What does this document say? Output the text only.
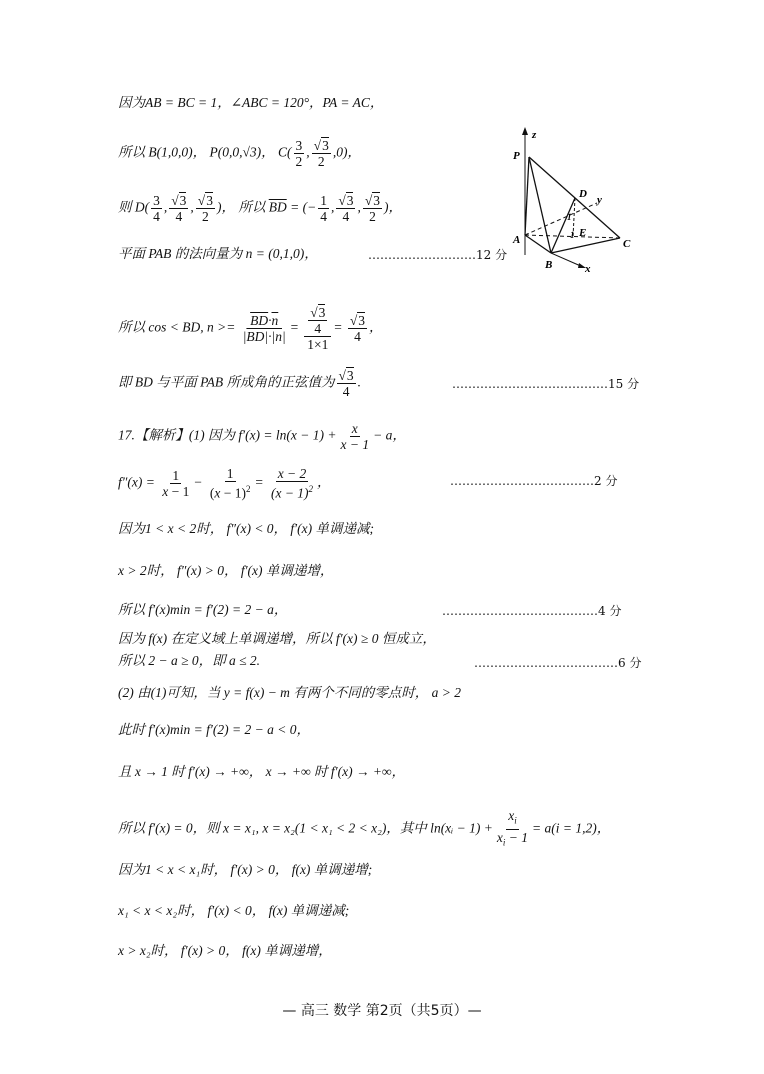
因为AB = BC = 1，∠ABC = 120°，PA = AC，
所以 B(1,0,0)， P(0,0,√3)， $C( \frac{3}{2}$ , $\frac{√3}{2} ,0$)，
则 $D( \frac{3}{4}$ , $\frac{√3}{4}$ , $\frac{√3}{2}$ )， 所以 $\overline{BD}$ = (− $\frac{1}{4}$ , $\frac{√3}{4}$ , $\frac{√3}{2}$ )，
平面 PAB 的法向量为 n = (0,1,0)，	………………………12 分
所以 cos < BD, $n >= \frac{\overline{BD}\cdot\overline{n}}{|\overline{BD}|\cdot|\overline{n}|} = \frac{\frac{√3}{4}}{1\times 1} = \frac{√3}{4}$ ，
即 BD 与平面 PAB 所成角的正弦值为 $\frac{√3}{4}$ .	…………………………………15 分
17.【解析】(1) 因为 $f'(x) = \ln(x - 1) + \frac{x}{x - 1} - a$，
$f''(x) = \frac{1}{x - 1} - \frac{1}{(x - 1)^2} = \frac{x - 2}{(x - 1)^2}$ ，	………………………………2 分
因为1 < x < 2时， f″(x) < 0， f′(x) 单调递减;
x > 2时， f″(x) > 0， f′(x) 单调递增，
所以 f′(x)min = f′(2) = 2 − a，	…………………………………4 分
因为 f(x) 在定义域上单调递增，所以 f′(x) ≥ 0 恒成立，
所以 2 − a ≥ 0，即 a ≤ 2.	………………………………6 分
(2) 由(1)可知，当 y = f(x) − m 有两个不同的零点时， a > 2
此时 f′(x)min = f′(2) = 2 − a < 0，
且 x → 1 时 f′(x) → +∞， x → +∞ 时 f′(x) → +∞，
所以 f′(x) = 0，则 x = x₁, x = x₂(1 < x₁ < 2 < x₂)，其中 ln(xᵢ − $1) + \frac{x_i}{x_i - 1} = a(i = 1,2)$，
因为1 < x < x₁时， f′(x) > 0， f(x) 单调递增;
x₁ < x < x₂时， f′(x) < 0， f(x) 单调递减;
x > x₂时， f′(x) > 0， f(x) 单调递增，
z
P
y
x
D
1
1 E
A
B
C
— 高三 数学 第2页（共5页）—
